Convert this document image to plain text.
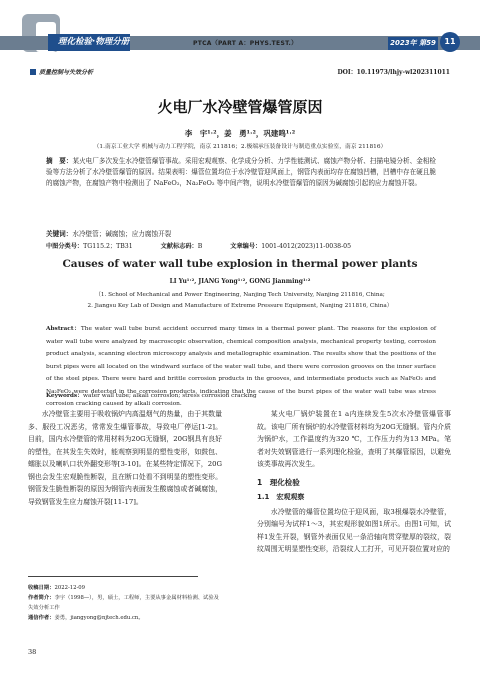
理化检验·物理分册	PTCA（PART A：PHYS.TEST.）	2023年 第59卷
11
质量控制与失效分析	DOI：10.11973/lhjy-wl202311011
火电厂水冷壁管爆管原因
李　宇¹˒²，姜　勇¹˒²，巩建鸣¹˒²
（1.南京工业大学 机械与动力工程学院，南京 211816；2.极端承压装备设计与制造重点实验室，南京 211816）
摘　要：某火电厂多次发生水冷壁管爆管事故。采用宏观观察、化学成分分析、力学性能测试、腐蚀产物分析、扫描电镜分析、金相检验等方法分析了水冷壁管爆管的原因。结果表明：爆管位置均位于水冷壁管迎风面上，钢管内表面均存在腐蚀凹槽，凹槽中存在硬且脆的腐蚀产物，在腐蚀产物中检测出了 NaFeO₂，Na₂FeO₂ 等中间产物，说明水冷壁管爆管的原因为碱腐蚀引起的应力腐蚀开裂。
关键词：水冷壁管；碱腐蚀；应力腐蚀开裂
中图分类号：TG115.2；TB31	文献标志码：B	文章编号：1001-4012(2023)11-0038-05
Causes of water wall tube explosion in thermal power plants
LI Yu¹˒², JIANG Yong¹˒², GONG Jianming¹˒²
（1. School of Mechanical and Power Engineering, Nanjing Tech University, Nanjing 211816, China;
2. Jiangsu Key Lab of Design and Manufacture of Extreme Pressure Equipment, Nanjing 211816, China）
Abstract：The water wall tube burst accident occurred many times in a thermal power plant. The reasons for the explosion of water wall tube were analyzed by macroscopic observation, chemical composition analysis, mechanical property testing, corrosion product analysis, scanning electron microscopy analysis and metallographic examination. The results show that the positions of the burst pipes were all located on the windward surface of the water wall tube, and there were corrosion grooves on the inner surface of the steel pipes. There were hard and brittle corrosion products in the grooves, and intermediate products such as NaFeO₂ and Na₂FeO₂ were detected in the corrosion products, indicating that the cause of the burst pipes of the water wall tube was stress corrosion cracking caused by alkali corrosion.
Keywords：water wall tube; alkali corrosion; stress corrosion cracking

水冷壁管主要用于吸收锅炉内高温烟气的热量，由于其数量多、服役工况恶劣，常常发生爆管事故，导致电厂停运[1-2]。目前，国内水冷壁管的常用材料为20G无缝钢，20G钢具有良好的塑性，在其发生失效时，能观察到明显的塑性变形，如鼓包、蠕胀以及喇叭口状外翻变形等[3-10]。在某些特定情况下，20G钢也会发生宏观脆性断裂，且在断口处看不到明显的塑性变形。钢管发生脆性断裂的原因为钢管内表面发生酸腐蚀或者碱腐蚀，导致钢管发生应力腐蚀开裂[11-17]。

某火电厂锅炉装置在1 a内连续发生5次水冷壁管爆管事故。该电厂所有锅炉的水冷壁管材料均为20G无缝钢。管内介质为锅炉水，工作温度约为320 ℃，工作压力约为13 MPa。笔者对失效钢管进行一系列理化检验，查明了其爆管原因，以避免该类事故再次发生。

1　理化检验
1.1　宏观观察

水冷壁管的爆管位置均位于迎风面，取3根爆裂水冷壁管，分别编号为试样1～3，其宏观形貌如图1所示。由图1可知，试样1发生开裂，钢管外表面仅见一条沿轴向贯穿壁厚的裂纹，裂纹周围无明显塑性变形，沿裂纹人工打开，可见开裂位置对应的

收稿日期：2022-12-09
作者简介：李宇（1998—），男，硕士，工程师，主要从事金属材料检测、试验及失效分析工作
通信作者：姜勇，jiangyong@njtech.edu.cn。
38
